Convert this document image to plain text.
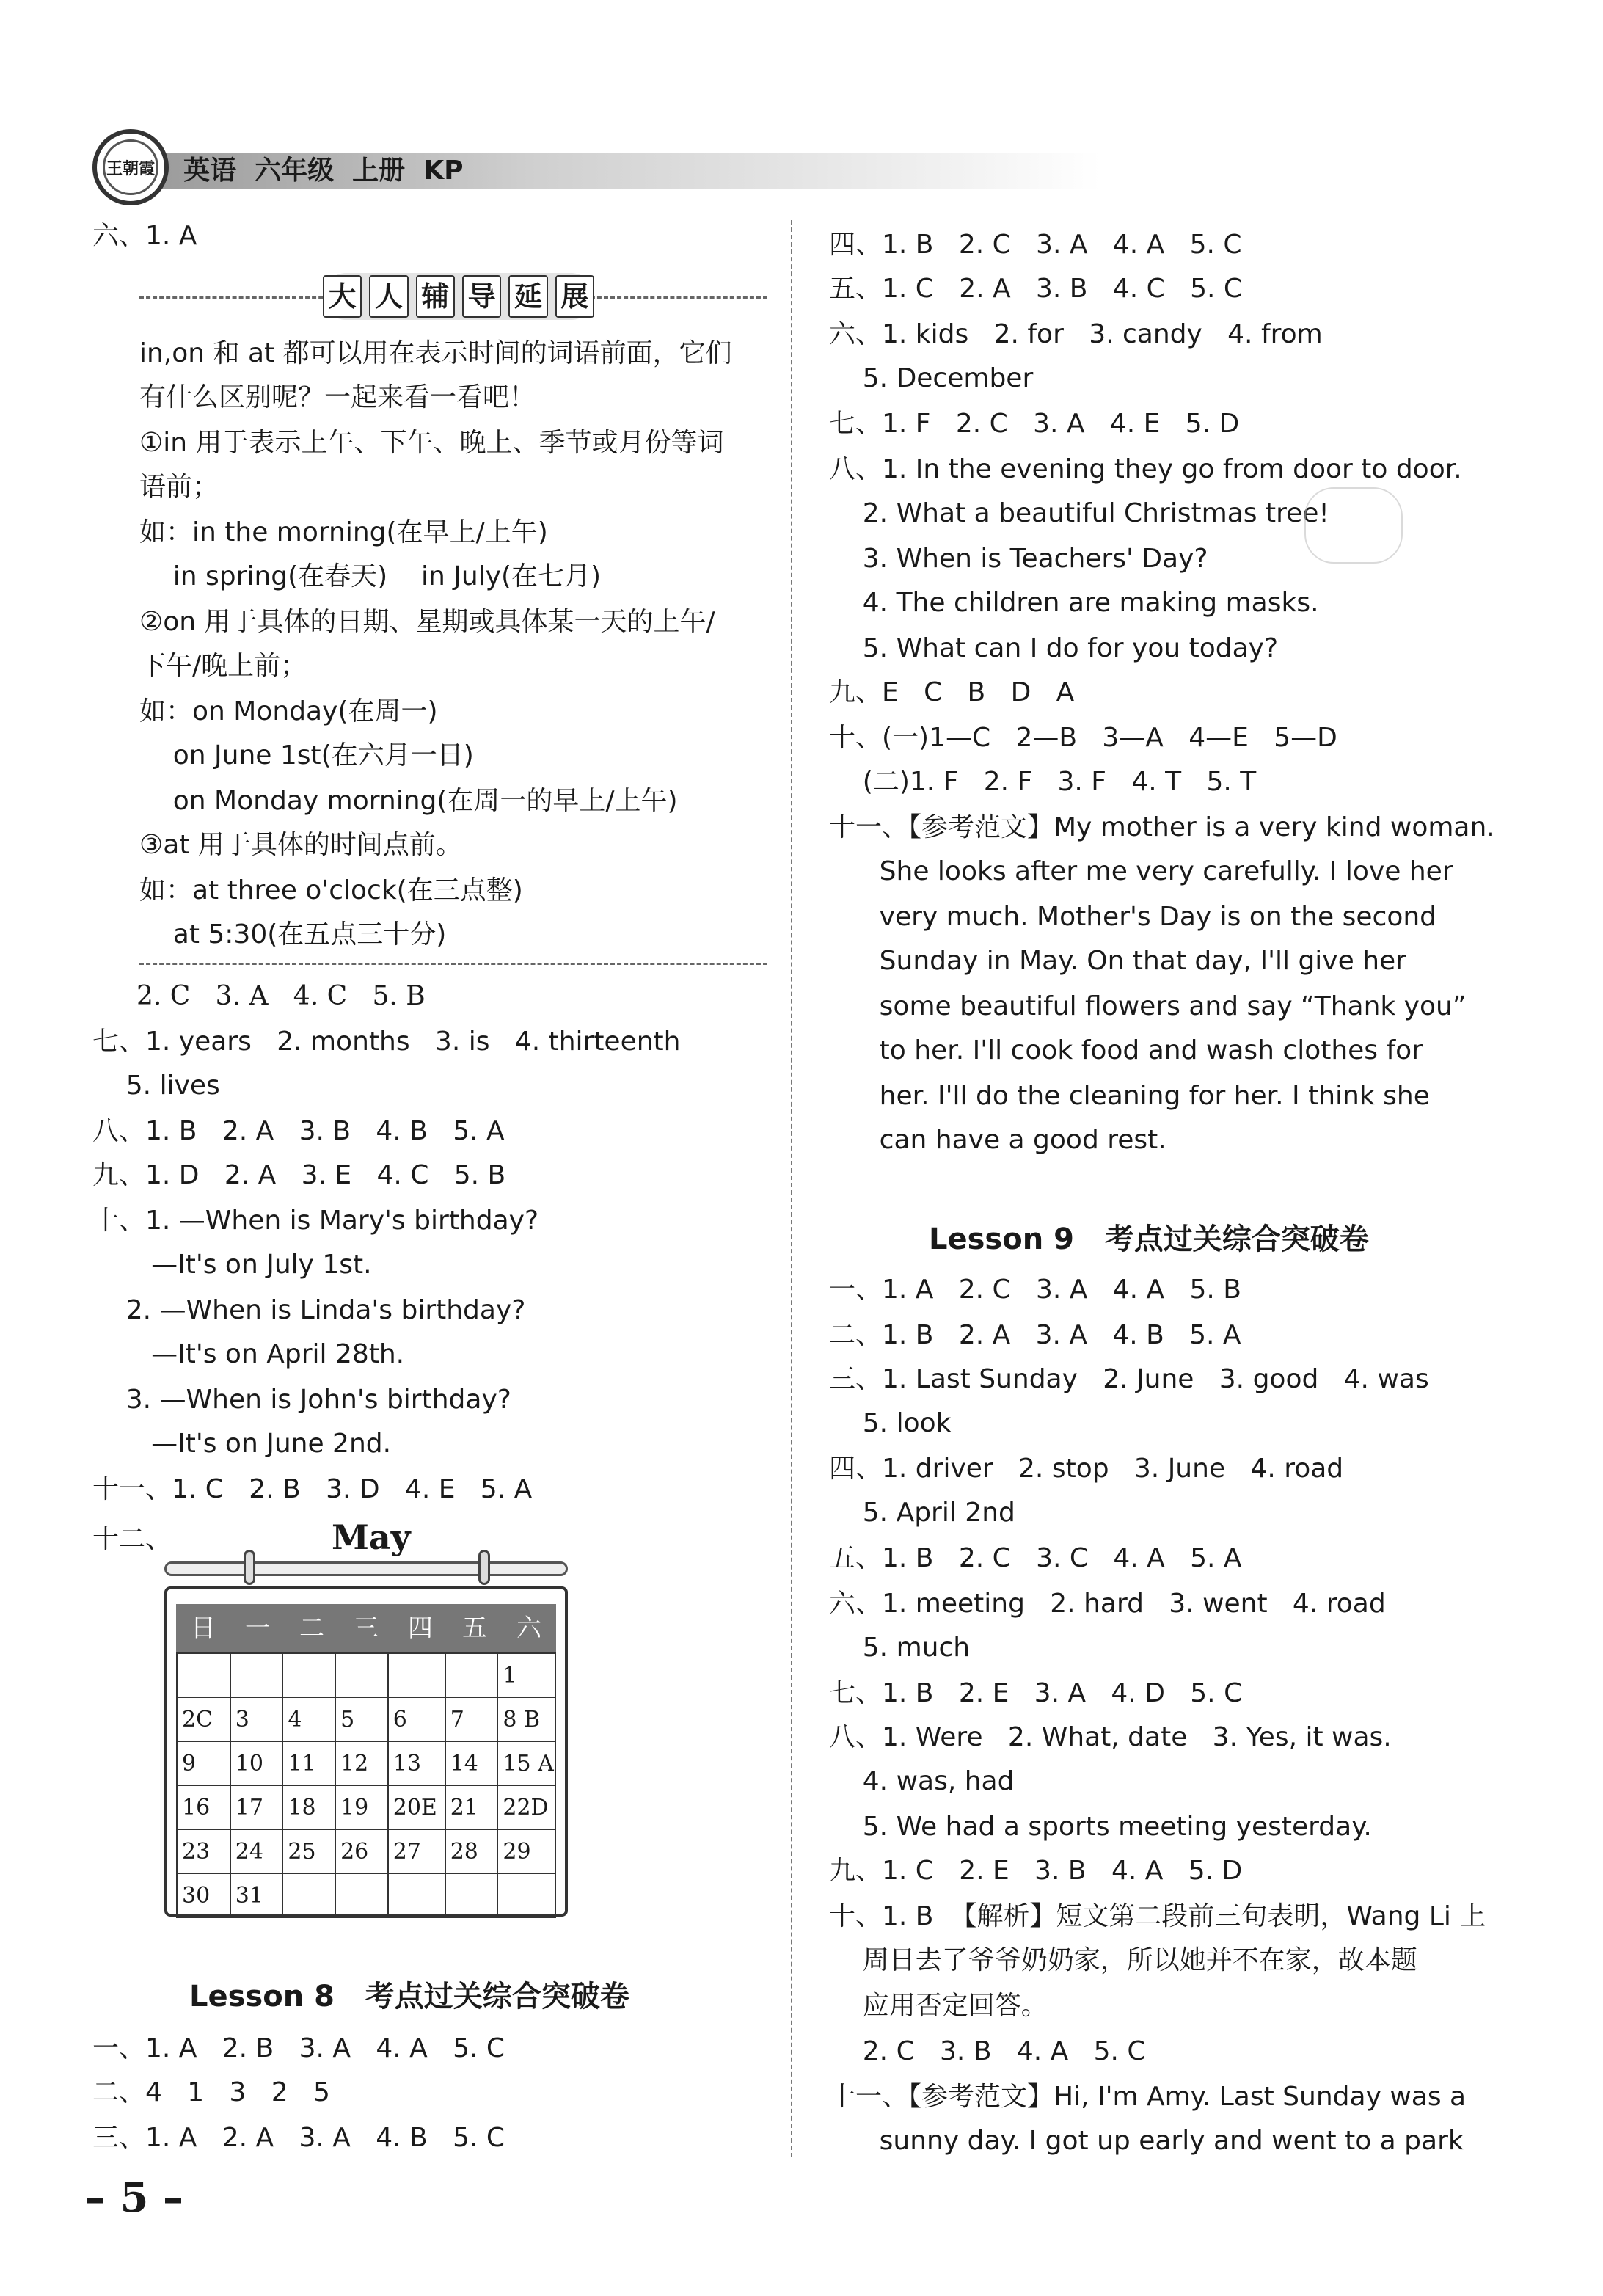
王朝霞 英语  六年级  上册  KP
六、1. A
大 人 辅 导 延 展
in,on 和 at 都可以用在表示时间的词语前面，它们
有什么区别呢？一起来看一看吧！
①in 用于表示上午、下午、晚上、季节或月份等词
语前；
如：in the morning(在早上/上午)
in spring(在春天)    in July(在七月)
②on 用于具体的日期、星期或具体某一天的上午/
下午/晚上前；
如：on Monday(在周一)
on June 1st(在六月一日)
on Monday morning(在周一的早上/上午)
③at 用于具体的时间点前。
如：at three o'clock(在三点整)
at 5:30(在五点三十分)
2. C   3. A   4. C   5. B
七、1. years   2. months   3. is   4. thirteenth
5. lives
八、1. B   2. A   3. B   4. B   5. A
九、1. D   2. A   3. E   4. C   5. B
十、1. —When is Mary's birthday?
—It's on July 1st.
2. —When is Linda's birthday?
—It's on April 28th.
3. —When is John's birthday?
—It's on June 2nd.
十一、1. C   2. B   3. D   4. E   5. A
十二、	May
日	一	二	三	四	五	六
						1
2C	3	4	5	6	7	8 B
9	10	11	12	13	14	15 A
16	17	18	19	20E	21	22D
23	24	25	26	27	28	29
30	31					
Lesson 8   考点过关综合突破卷
一、1. A   2. B   3. A   4. A   5. C
二、4   1   3   2   5
三、1. A   2. A   3. A   4. B   5. C
– 5 –
四、1. B   2. C   3. A   4. A   5. C
五、1. C   2. A   3. B   4. C   5. C
六、1. kids   2. for   3. candy   4. from
5. December
七、1. F   2. C   3. A   4. E   5. D
八、1. In the evening they go from door to door.
2. What a beautiful Christmas tree!
3. When is Teachers' Day?
4. The children are making masks.
5. What can I do for you today?
九、E   C   B   D   A
十、(一)1—C   2—B   3—A   4—E   5—D
(二)1. F   2. F   3. F   4. T   5. T
十一、【参考范文】My mother is a very kind woman.
She looks after me very carefully. I love her
very much. Mother's Day is on the second
Sunday in May. On that day, I'll give her
some beautiful flowers and say “Thank you”
to her. I'll cook food and wash clothes for
her. I'll do the cleaning for her. I think she
can have a good rest.
Lesson 9   考点过关综合突破卷
一、1. A   2. C   3. A   4. A   5. B
二、1. B   2. A   3. A   4. B   5. A
三、1. Last Sunday   2. June   3. good   4. was
5. look
四、1. driver   2. stop   3. June   4. road
5. April 2nd
五、1. B   2. C   3. C   4. A   5. A
六、1. meeting   2. hard   3. went   4. road
5. much
七、1. B   2. E   3. A   4. D   5. C
八、1. Were   2. What, date   3. Yes, it was.
4. was, had
5. We had a sports meeting yesterday.
九、1. C   2. E   3. B   4. A   5. D
十、1. B  【解析】短文第二段前三句表明，Wang Li 上
周日去了爷爷奶奶家，所以她并不在家，故本题
应用否定回答。
2. C   3. B   4. A   5. C
十一、【参考范文】Hi, I'm Amy. Last Sunday was a
sunny day. I got up early and went to a park
